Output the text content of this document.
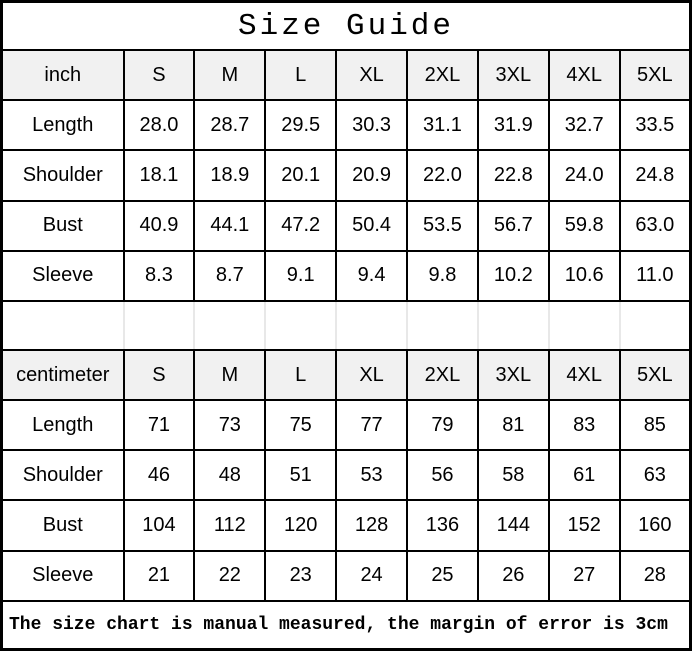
Size Guide								
inch	S	M	L	XL	2XL	3XL	4XL	5XL
Length	28.0	28.7	29.5	30.3	31.1	31.9	32.7	33.5
Shoulder	18.1	18.9	20.1	20.9	22.0	22.8	24.0	24.8
Bust	40.9	44.1	47.2	50.4	53.5	56.7	59.8	63.0
Sleeve	8.3	8.7	9.1	9.4	9.8	10.2	10.6	11.0

centimeter	S	M	L	XL	2XL	3XL	4XL	5XL
Length	71	73	75	77	79	81	83	85
Shoulder	46	48	51	53	56	58	61	63
Bust	104	112	120	128	136	144	152	160
Sleeve	21	22	23	24	25	26	27	28
The size chart is manual measured, the margin of error is 3cm								
